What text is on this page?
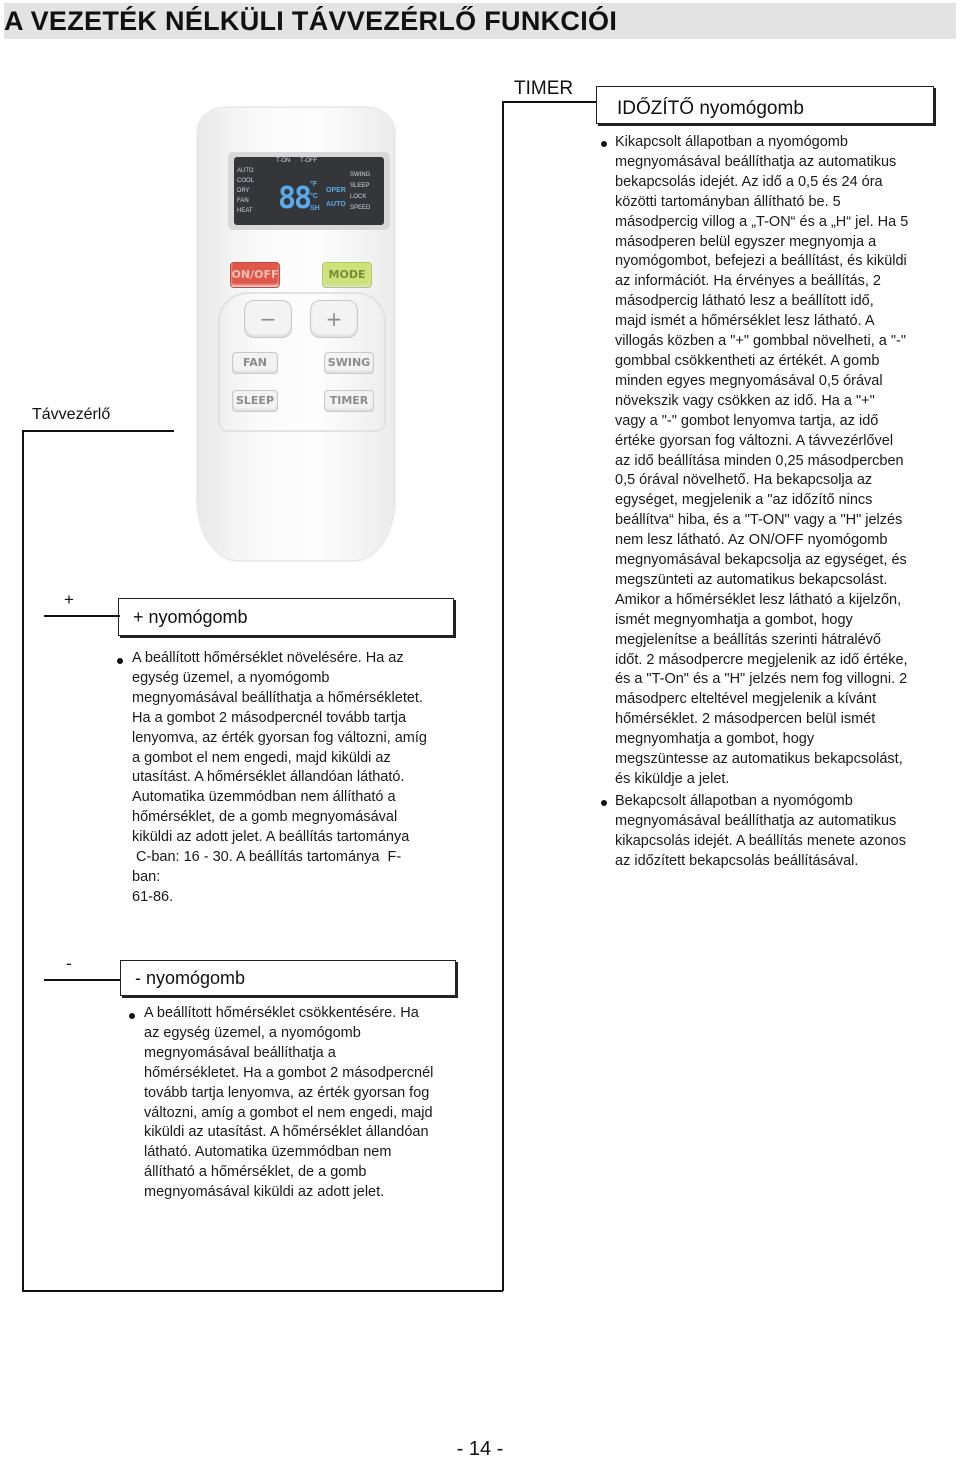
A VEZETÉK NÉLKÜLI TÁVVEZÉRLŐ FUNKCIÓI
T-ON T-OFF
AUTO
COOL
DRY
FAN
HEAT
SWING
SLEEP
LOCK
SPEED
88 °F
°C
SH
OPER
AUTO
ON/OFF	MODE
−	+
FAN	SWING
SLEEP	TIMER
Távvezérlő
+
+ nyomógomb
A beállított hőmérséklet növelésére. Ha az
egység üzemel, a nyomógomb
megnyomásával beállíthatja a hőmérsékletet.
Ha a gombot 2 másodpercnél tovább tartja
lenyomva, az érték gyorsan fog változni, amíg
a gombot el nem engedi, majd kiküldi az
utasítást. A hőmérséklet állandóan látható.
Automatika üzemmódban nem állítható a
hőmérséklet, de a gomb megnyomásával
kiküldi az adott jelet. A beállítás tartománya
C-ban: 16 - 30. A beállítás tartománya  F-
ban:
61-86.
-
- nyomógomb
A beállított hőmérséklet csökkentésére. Ha
az egység üzemel, a nyomógomb
megnyomásával beállíthatja a
hőmérsékletet. Ha a gombot 2 másodpercnél
tovább tartja lenyomva, az érték gyorsan fog
változni, amíg a gombot el nem engedi, majd
kiküldi az utasítást. A hőmérséklet állandóan
látható. Automatika üzemmódban nem
állítható a hőmérséklet, de a gomb
megnyomásával kiküldi az adott jelet.
TIMER
IDŐZÍTŐ nyomógomb
Kikapcsolt állapotban a nyomógomb
megnyomásával beállíthatja az automatikus
bekapcsolás idejét. Az idő a 0,5 és 24 óra
közötti tartományban állítható be. 5
másodpercig villog a „T-ON“ és a „H“ jel. Ha 5
másodperen belül egyszer megnyomja a
nyomógombot, befejezi a beállítást, és kiküldi
az információt. Ha érvényes a beállítás, 2
másodpercig látható lesz a beállított idő,
majd ismét a hőmérséklet lesz látható. A
villogás közben a "+" gombbal növelheti, a "-"
gombbal csökkentheti az értékét. A gomb
minden egyes megnyomásával 0,5 órával
növekszik vagy csökken az idő. Ha a "+"
vagy a "-" gombot lenyomva tartja, az idő
értéke gyorsan fog változni. A távvezérlővel
az idő beállítása minden 0,25 másodpercben
0,5 órával növelhető. Ha bekapcsolja az
egységet, megjelenik a "az időzítő nincs
beállítva“ hiba, és a "T-ON" vagy a "H" jelzés
nem lesz látható. Az ON/OFF nyomógomb
megnyomásával bekapcsolja az egységet, és
megszünteti az automatikus bekapcsolást.
Amikor a hőmérséklet lesz látható a kijelzőn,
ismét megnyomhatja a gombot, hogy
megjelenítse a beállítás szerinti hátralévő
időt. 2 másodpercre megjelenik az idő értéke,
és a "T-On" és a "H" jelzés nem fog villogni. 2
másodperc elteltével megjelenik a kívánt
hőmérséklet. 2 másodpercen belül ismét
megnyomhatja a gombot, hogy
megszüntesse az automatikus bekapcsolást,
és kiküldje a jelet.
Bekapcsolt állapotban a nyomógomb
megnyomásával beállíthatja az automatikus
kikapcsolás idejét. A beállítás menete azonos
az időzített bekapcsolás beállításával.
- 14 -
